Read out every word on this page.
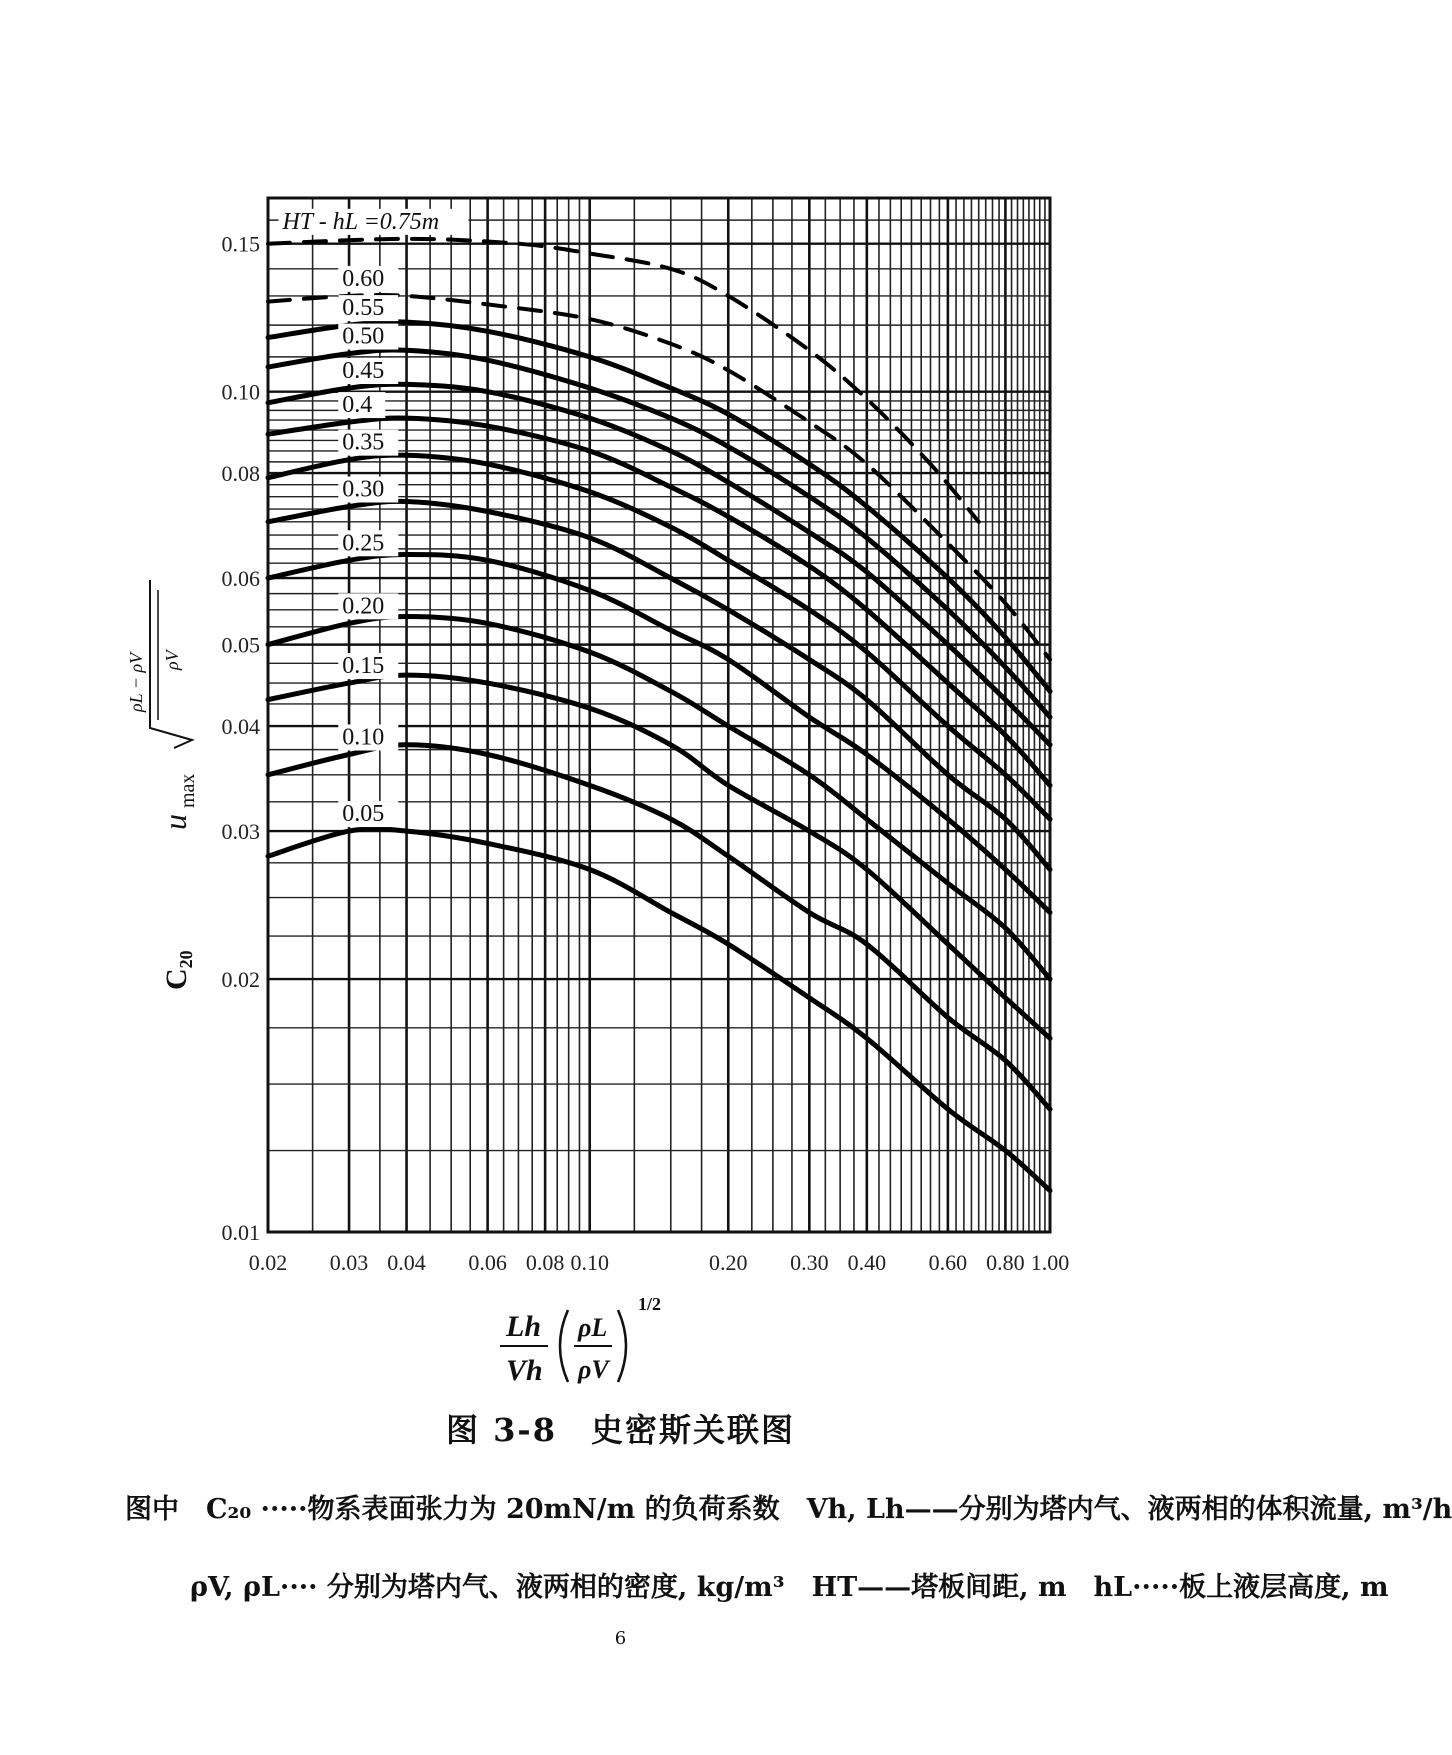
HT - hL =0.75m
0.60
0.55
0.50
0.45
0.4
0.35
0.30
0.25
0.20
0.15
0.10
0.05
0.02 0.03 0.04 0.06 0.08 0.10	0.20 0.30 0.40 0.60 0.80 1.00
0.01
0.02
0.03
0.04
0.05
0.06
0.08
0.10
0.15
C₂₀
u
max
ρL − ρV ρV
Lh
Vh
ρL
ρV
1/2
图 3-8　史密斯关联图
图中　C₂₀ ·····物系表面张力为 20mN/m 的负荷系数　Vh, Lh——分别为塔内气、液两相的体积流量, m³/h
ρV, ρL···· 分别为塔内气、液两相的密度, kg/m³　HT——塔板间距, m　hL·····板上液层高度, m
6
